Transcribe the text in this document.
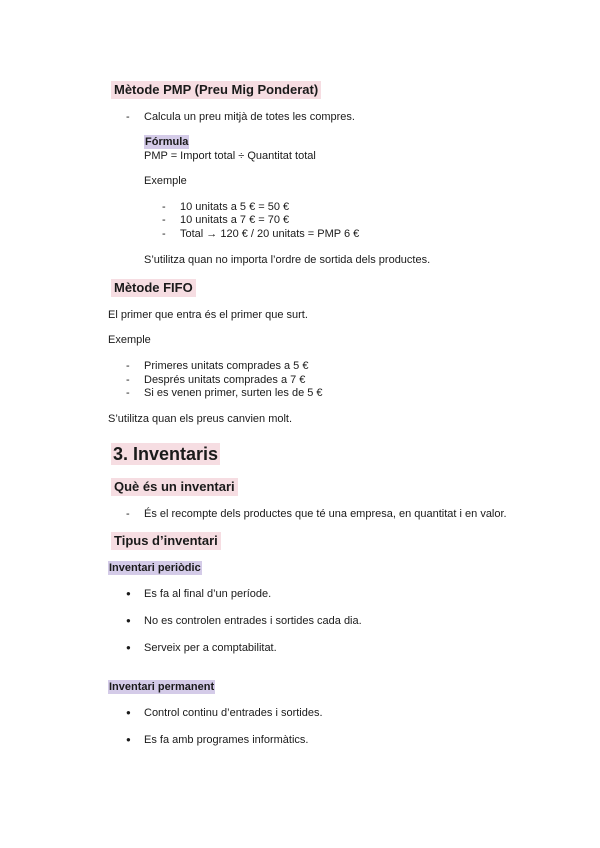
Mètode PMP (Preu Mig Ponderat)
- Calcula un preu mitjà de totes les compres.
Fórmula
PMP = Import total ÷ Quantitat total
Exemple
- 10 unitats a 5 € = 50 €
- 10 unitats a 7 € = 70 €
- Total → 120 € / 20 unitats = PMP 6 €
S’utilitza quan no importa l’ordre de sortida dels productes.
Mètode FIFO
El primer que entra és el primer que surt.
Exemple
- Primeres unitats comprades a 5 €
- Després unitats comprades a 7 €
- Si es venen primer, surten les de 5 €
S’utilitza quan els preus canvien molt.
3. Inventaris
Què és un inventari
- És el recompte dels productes que té una empresa, en quantitat i en valor.
Tipus d’inventari
Inventari periòdic
● Es fa al final d’un període.
● No es controlen entrades i sortides cada dia.
● Serveix per a comptabilitat.
Inventari permanent
● Control continu d’entrades i sortides.
● Es fa amb programes informàtics.
